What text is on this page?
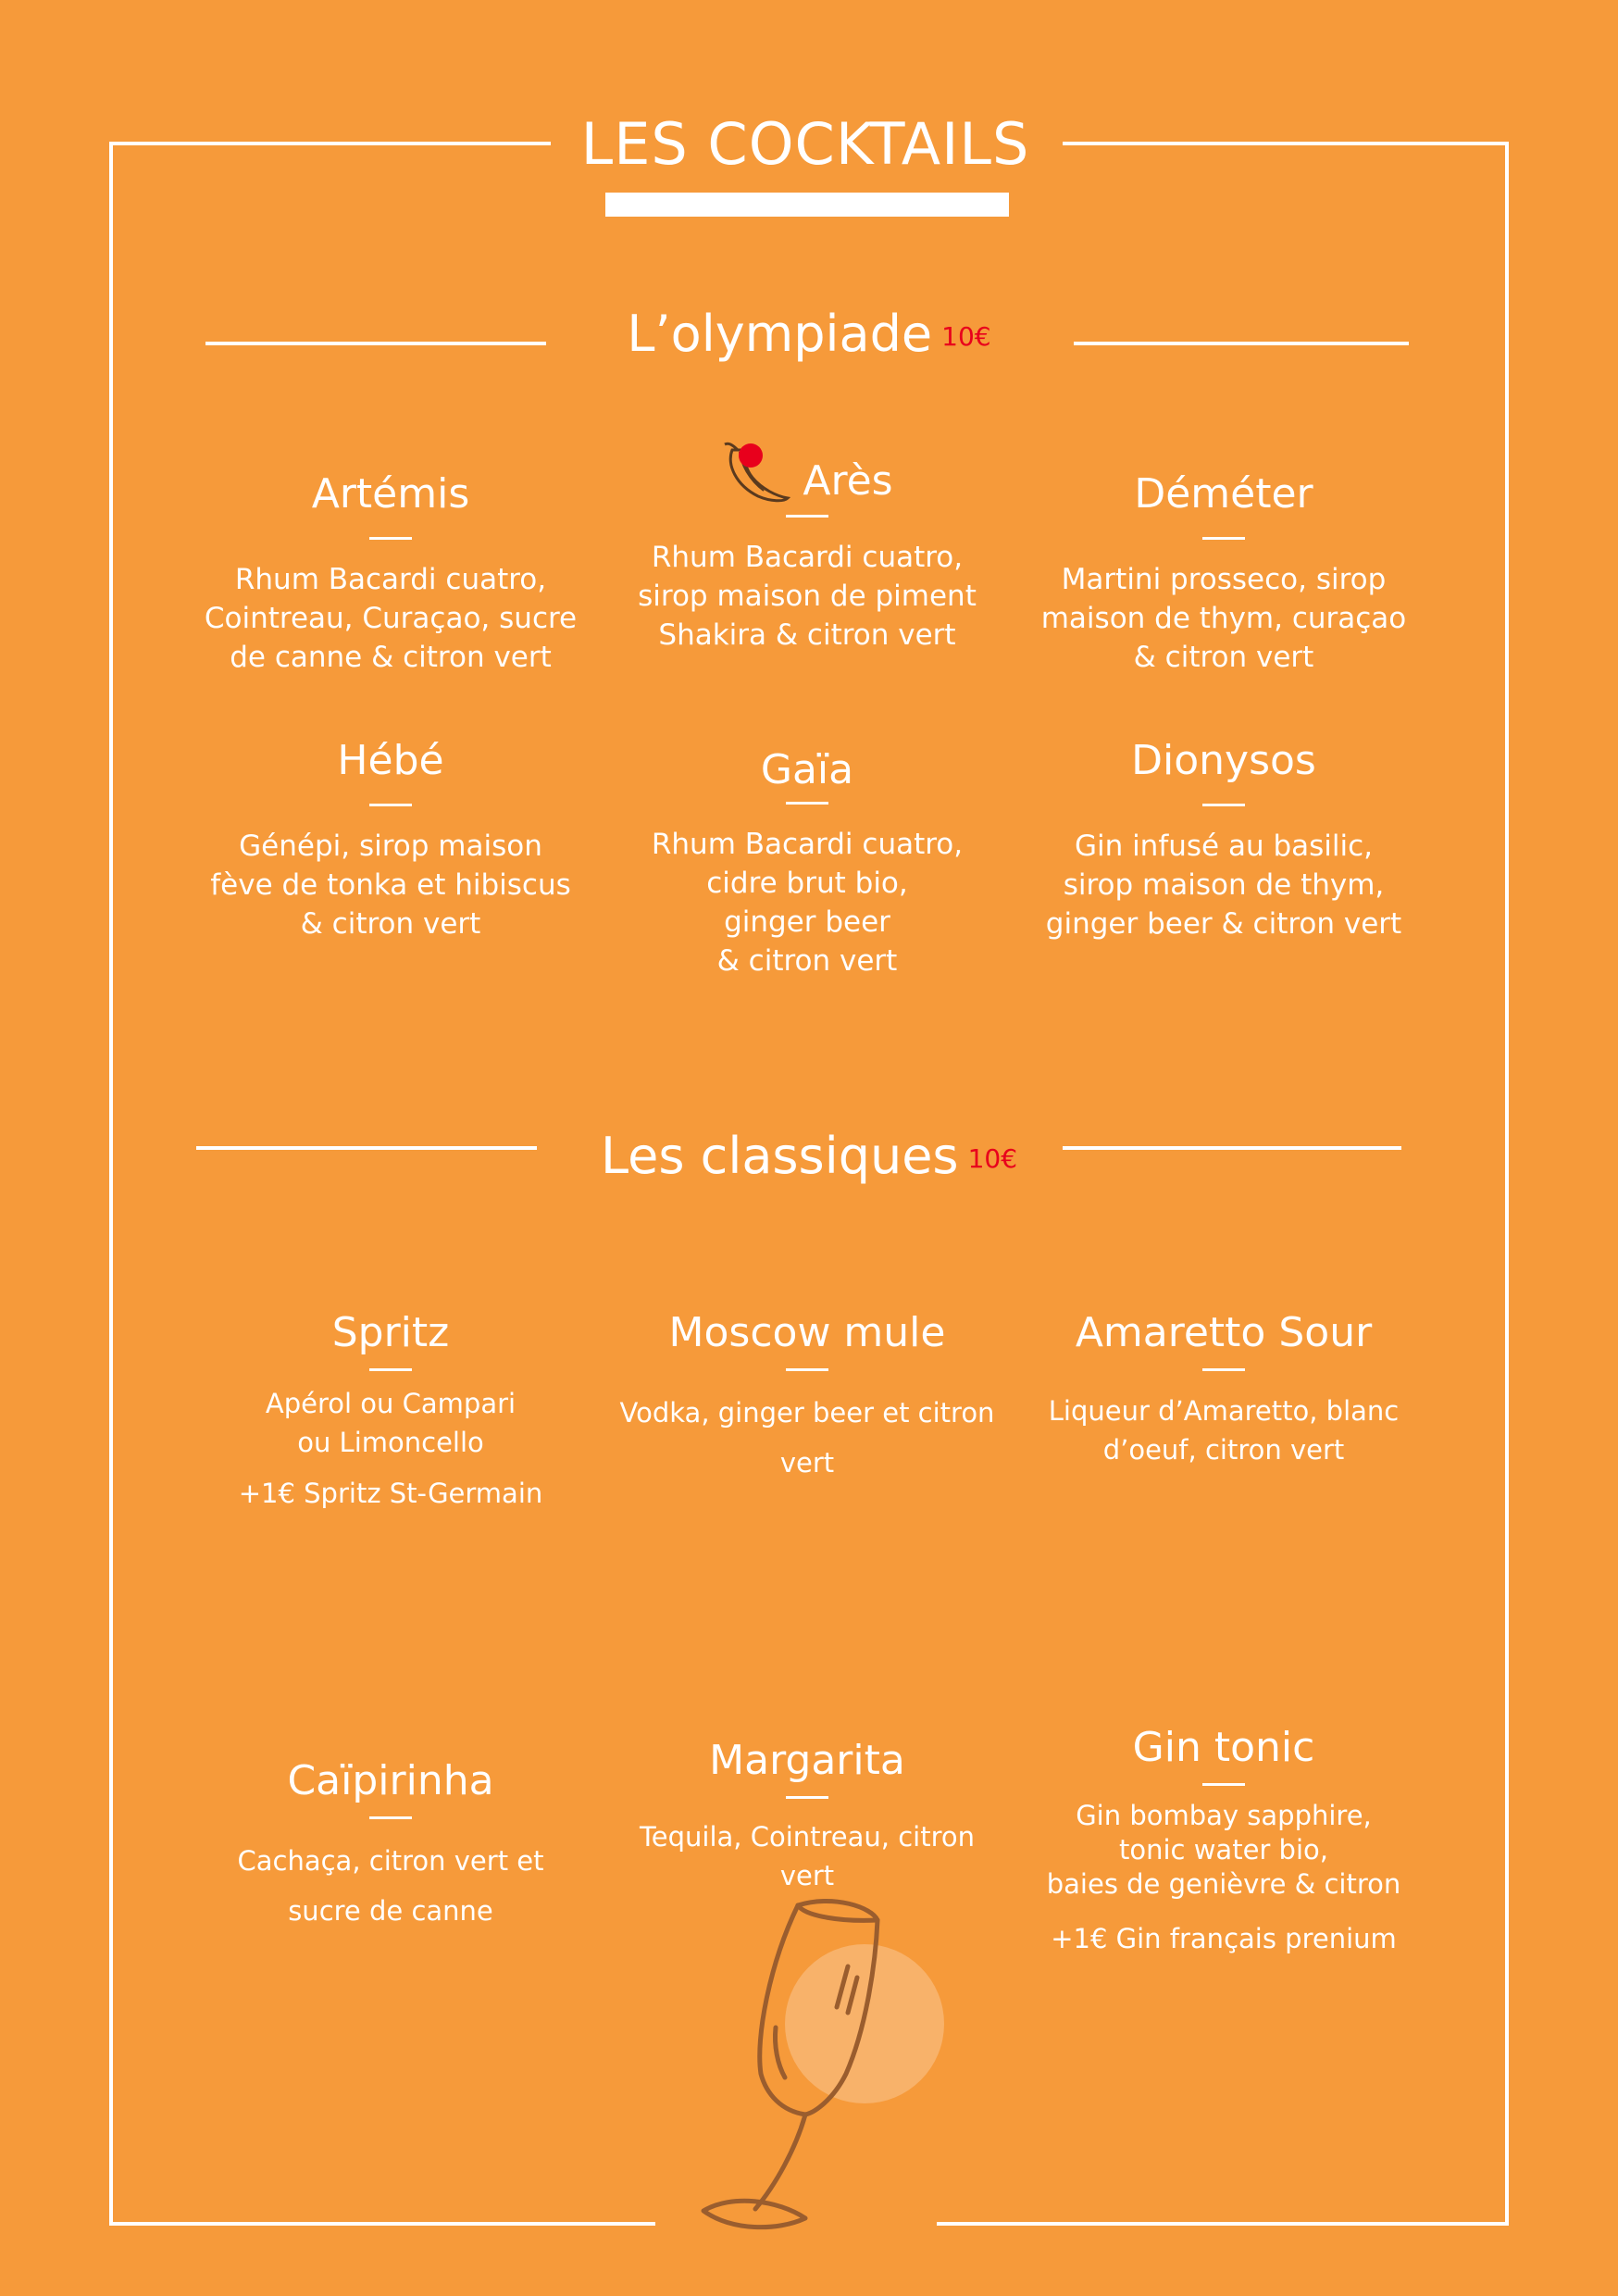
LES COCKTAILS
L’olympiade 10€
Artémis
Rhum Bacardi cuatro,
Cointreau, Curaçao, sucre
de canne & citron vert
Arès
Rhum Bacardi cuatro,
sirop maison de piment
Shakira & citron vert
Déméter
Martini prosseco, sirop
maison de thym, curaçao
& citron vert
Hébé
Génépi, sirop maison
fève de tonka et hibiscus
& citron vert
Gaïa
Rhum Bacardi cuatro,
cidre brut bio,
ginger beer
& citron vert
Dionysos
Gin infusé au basilic,
sirop maison de thym,
ginger beer & citron vert
Les classiques 10€
Spritz
Apérol ou Campari
ou Limoncello
+1€ Spritz St-Germain
Moscow mule
Vodka, ginger beer et citron
vert
Amaretto Sour
Liqueur d’Amaretto, blanc
d’oeuf, citron vert
Caïpirinha
Cachaça, citron vert et
sucre de canne
Margarita
Tequila, Cointreau, citron
vert
Gin tonic
Gin bombay sapphire,
tonic water bio,
baies de genièvre & citron
+1€ Gin français prenium
